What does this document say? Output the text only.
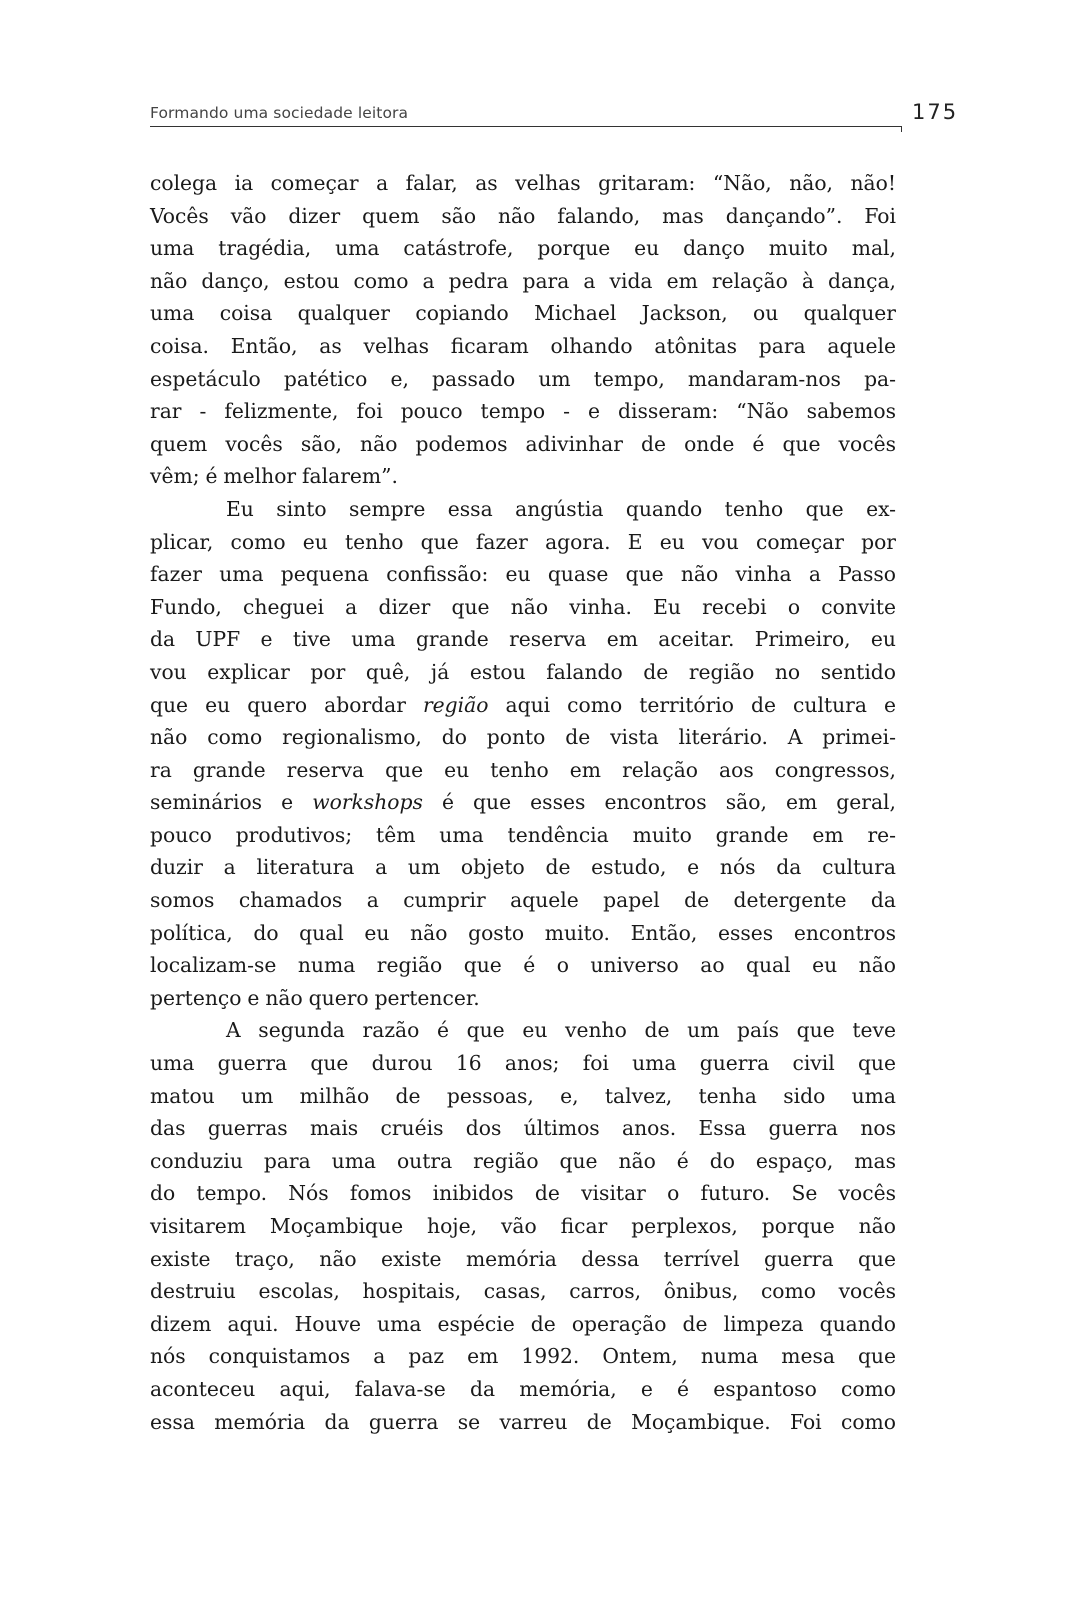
Formando uma sociedade leitora	175
colega ia começar a falar, as velhas gritaram: “Não, não, não!
Vocês vão dizer quem são não falando, mas dançando”. Foi
uma tragédia, uma catástrofe, porque eu danço muito mal,
não danço, estou como a pedra para a vida em relação à dança,
uma coisa qualquer copiando Michael Jackson, ou qualquer
coisa. Então, as velhas ficaram olhando atônitas para aquele
espetáculo patético e, passado um tempo, mandaram-nos pa-
rar - felizmente, foi pouco tempo - e disseram: “Não sabemos
quem vocês são, não podemos adivinhar de onde é que vocês
vêm; é melhor falarem”.
Eu sinto sempre essa angústia quando tenho que ex-
plicar, como eu tenho que fazer agora. E eu vou começar por
fazer uma pequena confissão: eu quase que não vinha a Passo
Fundo, cheguei a dizer que não vinha. Eu recebi o convite
da UPF e tive uma grande reserva em aceitar. Primeiro, eu
vou explicar por quê, já estou falando de região no sentido
que eu quero abordar região aqui como território de cultura e
não como regionalismo, do ponto de vista literário. A primei-
ra grande reserva que eu tenho em relação aos congressos,
seminários e workshops é que esses encontros são, em geral,
pouco produtivos; têm uma tendência muito grande em re-
duzir a literatura a um objeto de estudo, e nós da cultura
somos chamados a cumprir aquele papel de detergente da
política, do qual eu não gosto muito. Então, esses encontros
localizam-se numa região que é o universo ao qual eu não
pertenço e não quero pertencer.
A segunda razão é que eu venho de um país que teve
uma guerra que durou 16 anos; foi uma guerra civil que
matou um milhão de pessoas, e, talvez, tenha sido uma
das guerras mais cruéis dos últimos anos. Essa guerra nos
conduziu para uma outra região que não é do espaço, mas
do tempo. Nós fomos inibidos de visitar o futuro. Se vocês
visitarem Moçambique hoje, vão ficar perplexos, porque não
existe traço, não existe memória dessa terrível guerra que
destruiu escolas, hospitais, casas, carros, ônibus, como vocês
dizem aqui. Houve uma espécie de operação de limpeza quando
nós conquistamos a paz em 1992. Ontem, numa mesa que
aconteceu aqui, falava-se da memória, e é espantoso como
essa memória da guerra se varreu de Moçambique. Foi como
